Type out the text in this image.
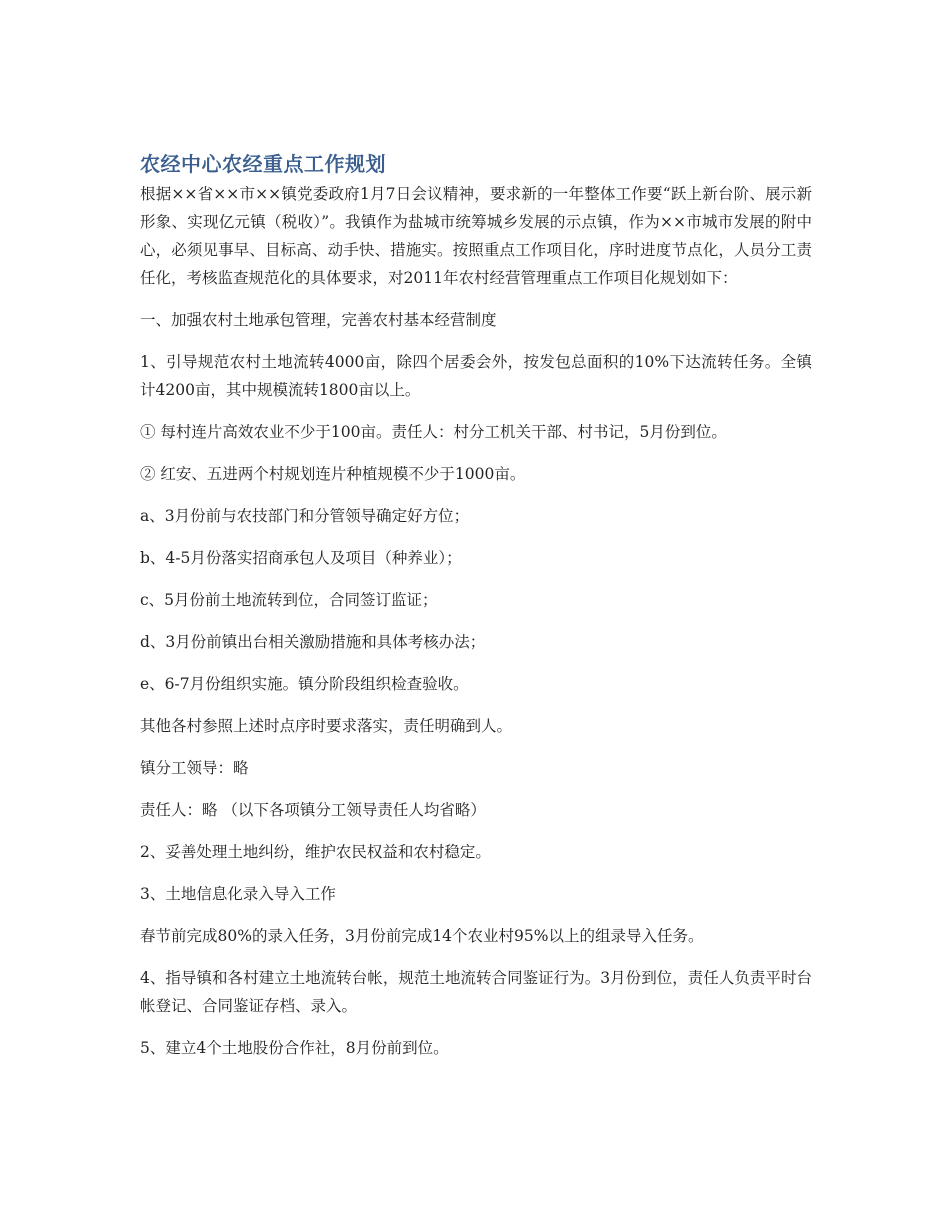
农经中心农经重点工作规划

根据××省××市××镇党委政府1月7日会议精神，要求新的一年整体工作要“跃上新台阶、展示新形象、实现亿元镇（税收）”。我镇作为盐城市统筹城乡发展的示点镇，作为××市城市发展的附中心，必须见事早、目标高、动手快、措施实。按照重点工作项目化，序时进度节点化，人员分工责任化，考核监查规范化的具体要求，对2011年农村经营管理重点工作项目化规划如下：

一、加强农村土地承包管理，完善农村基本经营制度

1、引导规范农村土地流转4000亩，除四个居委会外，按发包总面积的10%下达流转任务。全镇计4200亩，其中规模流转1800亩以上。

① 每村连片高效农业不少于100亩。责任人：村分工机关干部、村书记，5月份到位。

② 红安、五进两个村规划连片种植规模不少于1000亩。

a、3月份前与农技部门和分管领导确定好方位；

b、4-5月份落实招商承包人及项目（种养业）；

c、5月份前土地流转到位，合同签订监证；

d、3月份前镇出台相关激励措施和具体考核办法；

e、6-7月份组织实施。镇分阶段组织检查验收。

其他各村参照上述时点序时要求落实，责任明确到人。

镇分工领导：略

责任人：略 （以下各项镇分工领导责任人均省略）

2、妥善处理土地纠纷，维护农民权益和农村稳定。

3、土地信息化录入导入工作

春节前完成80%的录入任务，3月份前完成14个农业村95%以上的组录导入任务。

4、指导镇和各村建立土地流转台帐，规范土地流转合同鉴证行为。3月份到位，责任人负责平时台帐登记、合同鉴证存档、录入。

5、建立4个土地股份合作社，8月份前到位。
